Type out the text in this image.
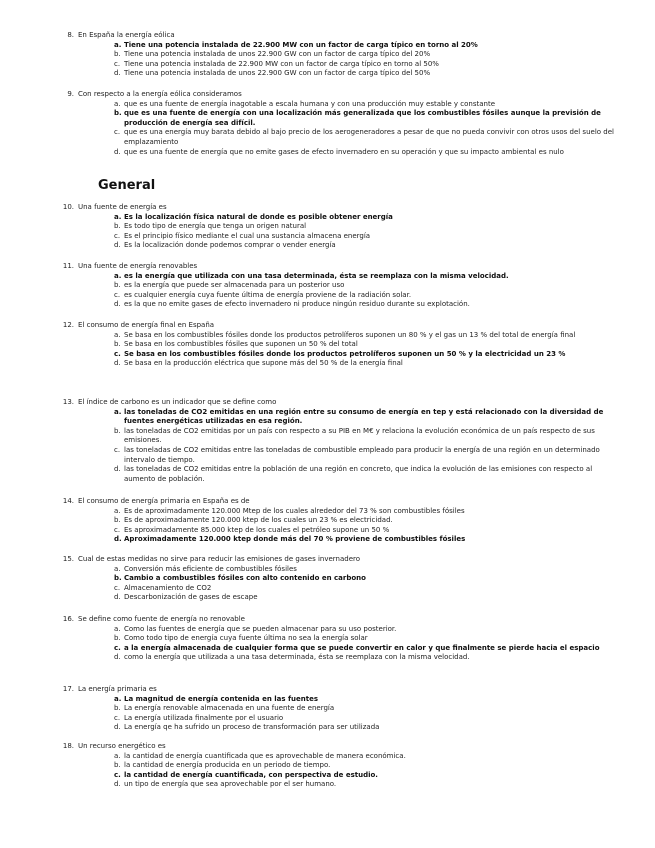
General
8. En España la energía eólica
a. Tiene una potencia instalada de 22.900 MW con un factor de carga típico en torno al 20%
b. Tiene una potencia instalada de unos 22.900 GW con un factor de carga típico del 20%
c. Tiene una potencia instalada de 22.900 MW con un factor de carga típico en torno al 50%
d. Tiene una potencia instalada de unos 22.900 GW con un factor de carga típico del 50%
9. Con respecto a la energía eólica consideramos
a. que es una fuente de energía inagotable a escala humana y con una producción muy estable y constante
b. que es una fuente de energía con una localización más generalizada que los combustibles fósiles aunque la previsión de producción de energía sea difícil.
c. que es una energía muy barata debido al bajo precio de los aerogeneradores a pesar de que no pueda convivir con otros usos del suelo del emplazamiento
d. que es una fuente de energía que no emite gases de efecto invernadero en su operación y que su impacto ambiental es nulo
10. Una fuente de energía es
a. Es la localización física natural de donde es posible obtener energía
b. Es todo tipo de energía que tenga un origen natural
c. Es el principio físico mediante el cual una sustancia almacena energía
d. Es la localización donde podemos comprar o vender energía
11. Una fuente de energía renovables
a. es la energía que utilizada con una tasa determinada, ésta se reemplaza con la misma velocidad.
b. es la energía que puede ser almacenada para un posterior uso
c. es cualquier energía cuya fuente última de energía proviene de la radiación solar.
d. es la que no emite gases de efecto invernadero ni produce ningún residuo durante su explotación.
12. El consumo de energía final en España
a. Se basa en los combustibles fósiles donde los productos petrolíferos suponen un 80 % y el gas un 13 % del total de energía final
b. Se basa en los combustibles fósiles que suponen un 50 % del total
c. Se basa en los combustibles fósiles donde los productos petrolíferos suponen un 50 % y la electricidad un 23 %
d. Se basa en la producción eléctrica que supone más del 50 % de la energía final
13. El índice de carbono es un indicador que se define como
a. las toneladas de CO2 emitidas en una región entre su consumo de energía en tep y está relacionado con la diversidad de fuentes energéticas utilizadas en esa región.
b. las toneladas de CO2 emitidas por un país con respecto a su PIB en M€ y relaciona la evolución económica de un país respecto de sus emisiones.
c. las toneladas de CO2 emitidas entre las toneladas de combustible empleado para producir la energía de una región en un determinado intervalo de tiempo.
d. las toneladas de CO2 emitidas entre la población de una región en concreto, que indica la evolución de las emisiones con respecto al aumento de población.
14. El consumo de energía primaria en España es de
a. Es de aproximadamente 120.000 Mtep de los cuales alrededor del 73 % son combustibles fósiles
b. Es de aproximadamente 120.000 ktep de los cuales un 23 % es electricidad.
c. Es aproximadamente 85.000 ktep de los cuales el petróleo supone un 50 %
d. Aproximadamente 120.000 ktep donde más del 70 % proviene de combustibles fósiles
15. Cual de estas medidas no sirve para reducir las emisiones de gases invernadero
a. Conversión más eficiente de combustibles fósiles
b. Cambio a combustibles fósiles con alto contenido en carbono
c. Almacenamiento de CO2
d. Descarbonización de gases de escape
16. Se define como fuente de energía no renovable
a. Como las fuentes de energía que se pueden almacenar para su uso posterior.
b. Como todo tipo de energía cuya fuente última no sea la energía solar
c. a la energía almacenada de cualquier forma que se puede convertir en calor y que finalmente se pierde hacia el espacio
d. como la energía que utilizada a una tasa determinada, ésta se reemplaza con la misma velocidad.
17. La energía primaria es
a. La magnitud de energía contenida en las fuentes
b. La energía renovable almacenada en una fuente de energía
c. La energía utilizada finalmente por el usuario
d. La energía qe ha sufrido un proceso de transformación para ser utilizada
18. Un recurso energético es
a. la cantidad de energía cuantificada que es aprovechable de manera económica.
b. la cantidad de energía producida en un periodo de tiempo.
c. la cantidad de energía cuantificada, con perspectiva de estudio.
d. un tipo de energía que sea aprovechable por el ser humano.
